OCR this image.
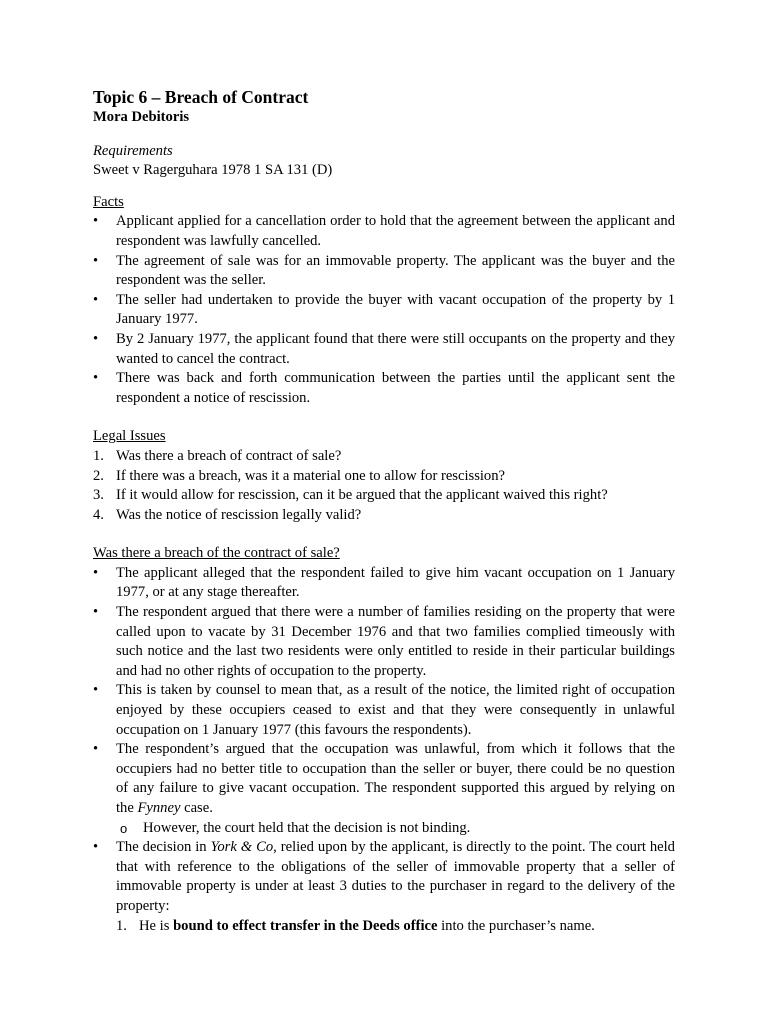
Topic 6 – Breach of Contract

Mora Debitoris

Requirements

Sweet v Ragerguhara 1978 1 SA 131 (D)

Facts
• Applicant applied for a cancellation order to hold that the agreement between the applicant and respondent was lawfully cancelled.
• The agreement of sale was for an immovable property. The applicant was the buyer and the respondent was the seller.
• The seller had undertaken to provide the buyer with vacant occupation of the property by 1 January 1977.
• By 2 January 1977, the applicant found that there were still occupants on the property and they wanted to cancel the contract.
• There was back and forth communication between the parties until the applicant sent the respondent a notice of rescission.
Legal Issues
1. Was there a breach of contract of sale?
2. If there was a breach, was it a material one to allow for rescission?
3. If it would allow for rescission, can it be argued that the applicant waived this right?
4. Was the notice of rescission legally valid?
Was there a breach of the contract of sale?
• The applicant alleged that the respondent failed to give him vacant occupation on 1 January 1977, or at any stage thereafter.
• The respondent argued that there were a number of families residing on the property that were called upon to vacate by 31 December 1976 and that two families complied timeously with such notice and the last two residents were only entitled to reside in their particular buildings and had no other rights of occupation to the property.
• This is taken by counsel to mean that, as a result of the notice, the limited right of occupation enjoyed by these occupiers ceased to exist and that they were consequently in unlawful occupation on 1 January 1977 (this favours the respondents).
• The respondent’s argued that the occupation was unlawful, from which it follows that the occupiers had no better title to occupation than the seller or buyer, there could be no question of any failure to give vacant occupation. The respondent supported this argued by relying on the Fynney case.
o However, the court held that the decision is not binding.
• The decision in York & Co, relied upon by the applicant, is directly to the point. The court held that with reference to the obligations of the seller of immovable property that a seller of immovable property is under at least 3 duties to the purchaser in regard to the delivery of the property:
1. He is bound to effect transfer in the Deeds office into the purchaser’s name.
